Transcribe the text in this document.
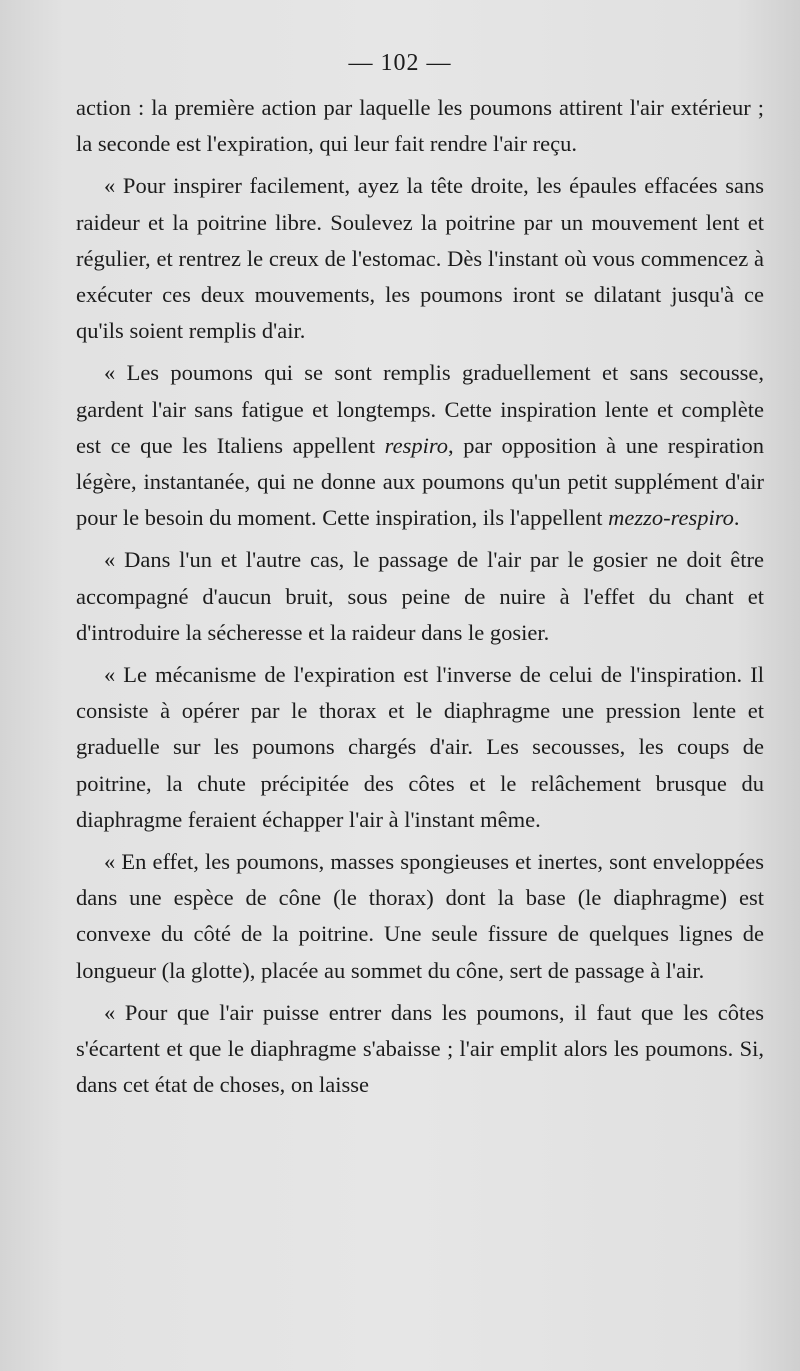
— 102 —

action : la première action par laquelle les poumons attirent l'air extérieur ; la seconde est l'expiration, qui leur fait rendre l'air reçu.

« Pour inspirer facilement, ayez la tête droite, les épaules effacées sans raideur et la poitrine libre. Soulevez la poitrine par un mouvement lent et régulier, et rentrez le creux de l'estomac. Dès l'instant où vous commencez à exécuter ces deux mouvements, les poumons iront se dilatant jusqu'à ce qu'ils soient remplis d'air.

« Les poumons qui se sont remplis graduellement et sans secousse, gardent l'air sans fatigue et longtemps. Cette inspiration lente et complète est ce que les Italiens appellent respiro, par opposition à une respiration légère, instantanée, qui ne donne aux poumons qu'un petit supplément d'air pour le besoin du moment. Cette inspiration, ils l'appellent mezzo-respiro.

« Dans l'un et l'autre cas, le passage de l'air par le gosier ne doit être accompagné d'aucun bruit, sous peine de nuire à l'effet du chant et d'introduire la sécheresse et la raideur dans le gosier.

« Le mécanisme de l'expiration est l'inverse de celui de l'inspiration. Il consiste à opérer par le thorax et le diaphragme une pression lente et graduelle sur les poumons chargés d'air. Les secousses, les coups de poitrine, la chute précipitée des côtes et le relâchement brusque du diaphragme feraient échapper l'air à l'instant même.

« En effet, les poumons, masses spongieuses et inertes, sont enveloppées dans une espèce de cône (le thorax) dont la base (le diaphragme) est convexe du côté de la poitrine. Une seule fissure de quelques lignes de longueur (la glotte), placée au sommet du cône, sert de passage à l'air.

« Pour que l'air puisse entrer dans les poumons, il faut que les côtes s'écartent et que le diaphragme s'abaisse ; l'air emplit alors les poumons. Si, dans cet état de choses, on laisse
